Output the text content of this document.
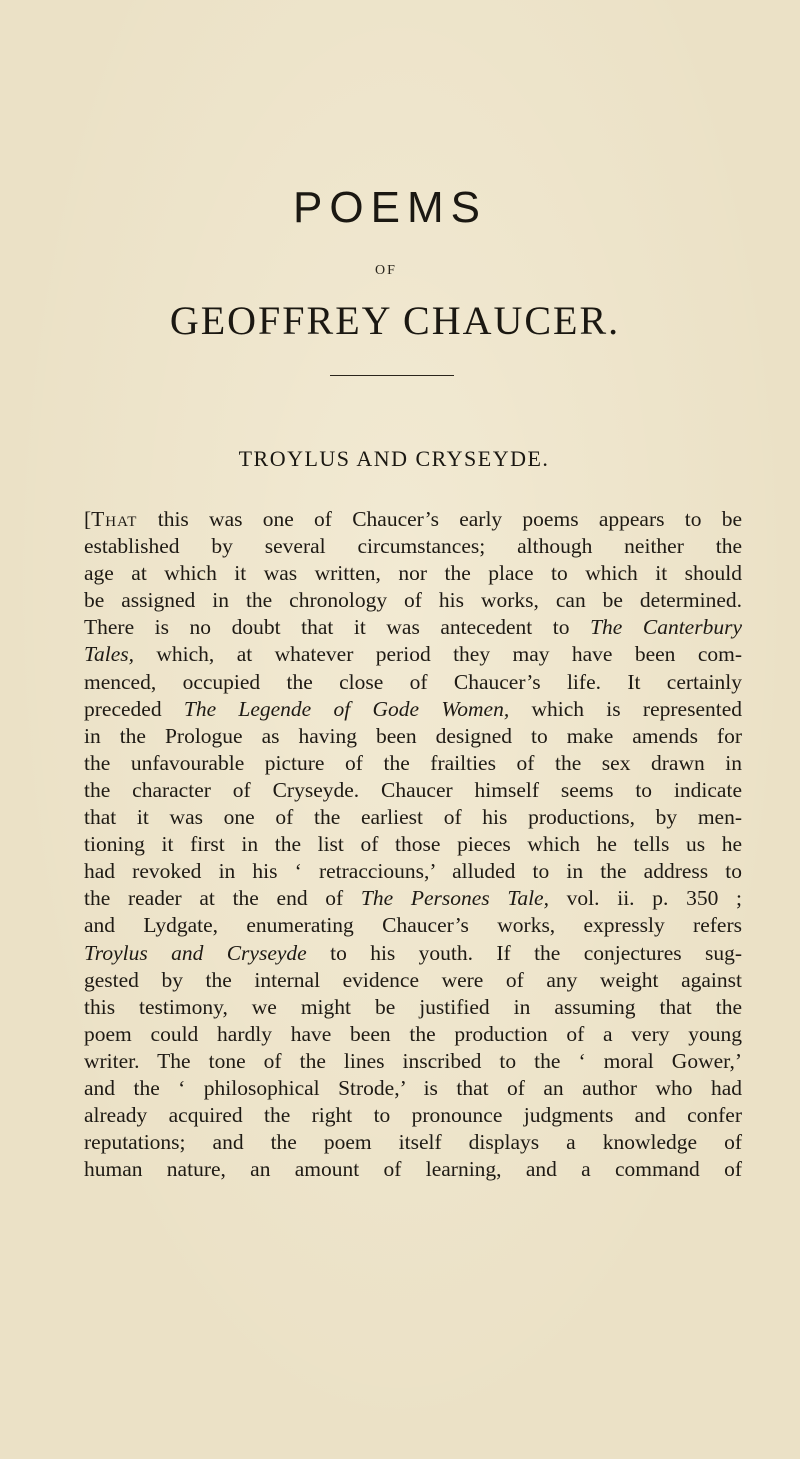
POEMS
OF
GEOFFREY CHAUCER.
TROYLUS AND CRYSEYDE.
[That this was one of Chaucer’s early poems appears to be
established by several circumstances; although neither the
age at which it was written, nor the place to which it should
be assigned in the chronology of his works, can be determined.
There is no doubt that it was antecedent to The Canterbury
Tales, which, at whatever period they may have been com-
menced, occupied the close of Chaucer’s life. It certainly
preceded The Legende of Gode Women, which is represented
in the Prologue as having been designed to make amends for
the unfavourable picture of the frailties of the sex drawn in
the character of Cryseyde. Chaucer himself seems to indicate
that it was one of the earliest of his productions, by men-
tioning it first in the list of those pieces which he tells us he
had revoked in his ‘ retracciouns,’ alluded to in the address to
the reader at the end of The Persones Tale, vol. ii. p. 350 ;
and Lydgate, enumerating Chaucer’s works, expressly refers
Troylus and Cryseyde to his youth. If the conjectures sug-
gested by the internal evidence were of any weight against
this testimony, we might be justified in assuming that the
poem could hardly have been the production of a very young
writer. The tone of the lines inscribed to the ‘ moral Gower,’
and the ‘ philosophical Strode,’ is that of an author who had
already acquired the right to pronounce judgments and confer
reputations; and the poem itself displays a knowledge of
human nature, an amount of learning, and a command of
